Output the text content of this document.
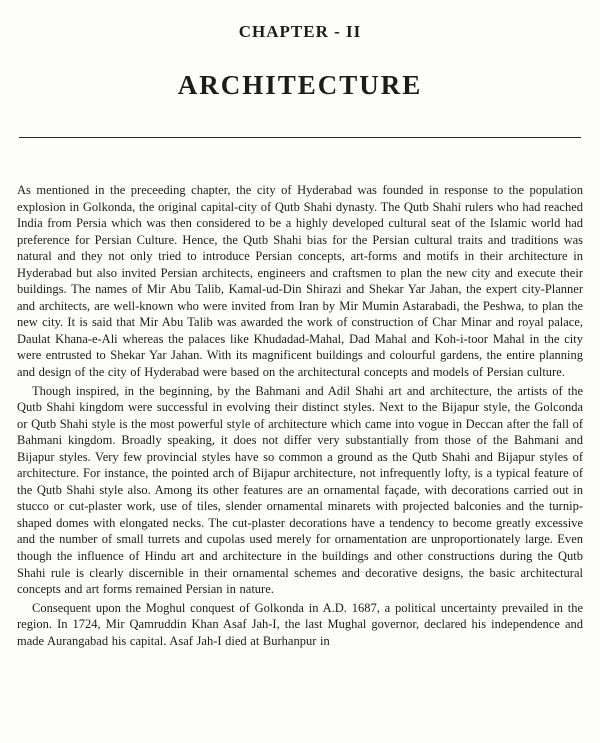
CHAPTER - II
ARCHITECTURE

As mentioned in the preceeding chapter, the city of Hyderabad was founded in response to the population explosion in Golkonda, the original capital-city of Qutb Shahi dynasty. The Qutb Shahi rulers who had reached India from Persia which was then considered to be a highly developed cultural seat of the Islamic world had preference for Persian Culture. Hence, the Qutb Shahi bias for the Persian cultural traits and traditions was natural and they not only tried to introduce Persian concepts, art-forms and motifs in their architecture in Hyderabad but also invited Persian architects, engineers and craftsmen to plan the new city and execute their buildings. The names of Mir Abu Talib, Kamal-ud-Din Shirazi and Shekar Yar Jahan, the expert city-Planner and architects, are well-known who were invited from Iran by Mir Mumin Astarabadi, the Peshwa, to plan the new city. It is said that Mir Abu Talib was awarded the work of construction of Char Minar and royal palace, Daulat Khana-e-Ali whereas the palaces like Khudadad-Mahal, Dad Mahal and Koh-i-toor Mahal in the city were entrusted to Shekar Yar Jahan. With its magnificent buildings and colourful gardens, the entire planning and design of the city of Hyderabad were based on the architectural concepts and models of Persian culture.

Though inspired, in the beginning, by the Bahmani and Adil Shahi art and architecture, the artists of the Qutb Shahi kingdom were successful in evolving their distinct styles. Next to the Bijapur style, the Golconda or Qutb Shahi style is the most powerful style of architecture which came into vogue in Deccan after the fall of Bahmani kingdom. Broadly speaking, it does not differ very substantially from those of the Bahmani and Bijapur styles. Very few provincial styles have so common a ground as the Qutb Shahi and Bijapur styles of architecture. For instance, the pointed arch of Bijapur architecture, not infrequently lofty, is a typical feature of the Qutb Shahi style also. Among its other features are an ornamental façade, with decorations carried out in stucco or cut-plaster work, use of tiles, slender ornamental minarets with projected balconies and the turnip-shaped domes with elongated necks. The cut-plaster decorations have a tendency to become greatly excessive and the number of small turrets and cupolas used merely for ornamentation are unproportionately large. Even though the influence of Hindu art and architecture in the buildings and other constructions during the Qutb Shahi rule is clearly discernible in their ornamental schemes and decorative designs, the basic architectural concepts and art forms remained Persian in nature.

Consequent upon the Moghul conquest of Golkonda in A.D. 1687, a political uncertainty prevailed in the region. In 1724, Mir Qamruddin Khan Asaf Jah-I, the last Mughal governor, declared his independence and made Aurangabad his capital. Asaf Jah-I died at Burhanpur in
